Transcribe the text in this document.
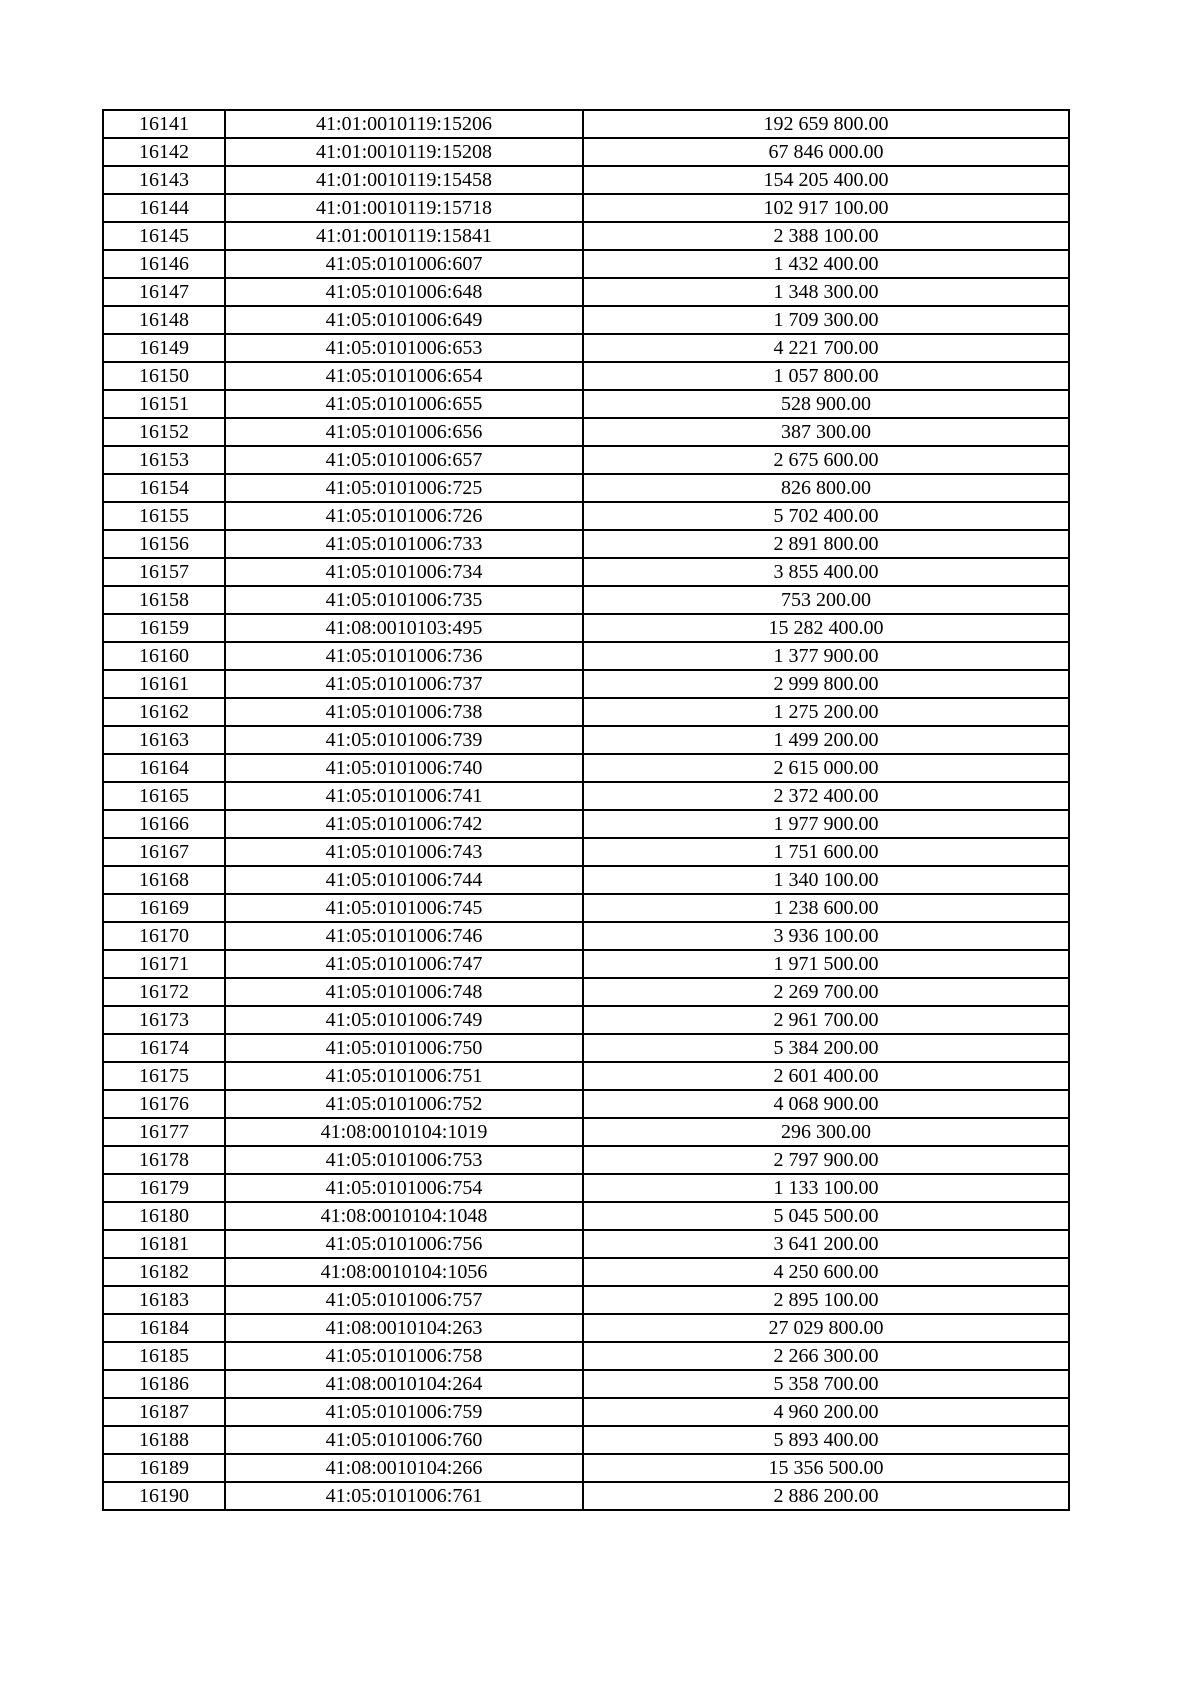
16141	41:01:0010119:15206	192 659 800.00
16142	41:01:0010119:15208	67 846 000.00
16143	41:01:0010119:15458	154 205 400.00
16144	41:01:0010119:15718	102 917 100.00
16145	41:01:0010119:15841	2 388 100.00
16146	41:05:0101006:607	1 432 400.00
16147	41:05:0101006:648	1 348 300.00
16148	41:05:0101006:649	1 709 300.00
16149	41:05:0101006:653	4 221 700.00
16150	41:05:0101006:654	1 057 800.00
16151	41:05:0101006:655	528 900.00
16152	41:05:0101006:656	387 300.00
16153	41:05:0101006:657	2 675 600.00
16154	41:05:0101006:725	826 800.00
16155	41:05:0101006:726	5 702 400.00
16156	41:05:0101006:733	2 891 800.00
16157	41:05:0101006:734	3 855 400.00
16158	41:05:0101006:735	753 200.00
16159	41:08:0010103:495	15 282 400.00
16160	41:05:0101006:736	1 377 900.00
16161	41:05:0101006:737	2 999 800.00
16162	41:05:0101006:738	1 275 200.00
16163	41:05:0101006:739	1 499 200.00
16164	41:05:0101006:740	2 615 000.00
16165	41:05:0101006:741	2 372 400.00
16166	41:05:0101006:742	1 977 900.00
16167	41:05:0101006:743	1 751 600.00
16168	41:05:0101006:744	1 340 100.00
16169	41:05:0101006:745	1 238 600.00
16170	41:05:0101006:746	3 936 100.00
16171	41:05:0101006:747	1 971 500.00
16172	41:05:0101006:748	2 269 700.00
16173	41:05:0101006:749	2 961 700.00
16174	41:05:0101006:750	5 384 200.00
16175	41:05:0101006:751	2 601 400.00
16176	41:05:0101006:752	4 068 900.00
16177	41:08:0010104:1019	296 300.00
16178	41:05:0101006:753	2 797 900.00
16179	41:05:0101006:754	1 133 100.00
16180	41:08:0010104:1048	5 045 500.00
16181	41:05:0101006:756	3 641 200.00
16182	41:08:0010104:1056	4 250 600.00
16183	41:05:0101006:757	2 895 100.00
16184	41:08:0010104:263	27 029 800.00
16185	41:05:0101006:758	2 266 300.00
16186	41:08:0010104:264	5 358 700.00
16187	41:05:0101006:759	4 960 200.00
16188	41:05:0101006:760	5 893 400.00
16189	41:08:0010104:266	15 356 500.00
16190	41:05:0101006:761	2 886 200.00
